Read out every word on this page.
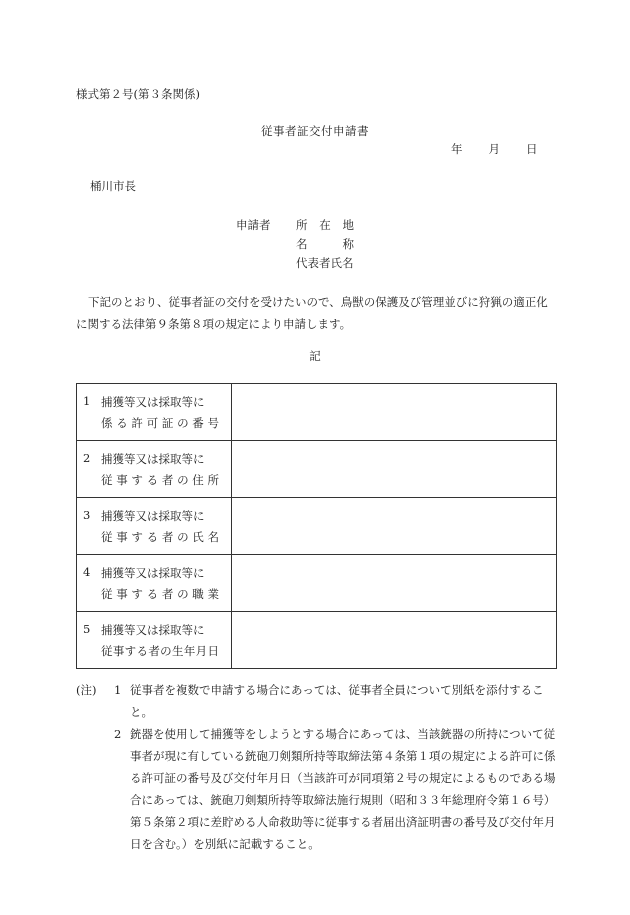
様式第２号(第３条関係)
従事者証交付申請書
年 月 日
桶川市長
申請者 所在地
名称
代表者氏名
下記のとおり、従事者証の交付を受けたいので、鳥獣の保護及び管理並びに狩猟の適正化に関する法律第９条第８項の規定により申請します。
記
1 捕獲等又は採取等に
係る許可証の番号	

2 捕獲等又は採取等に
従事する者の住所	

3 捕獲等又は採取等に
従事する者の氏名	

4 捕獲等又は採取等に
従事する者の職業	

5 捕獲等又は採取等に
従事する者の生年月日	

(注) 1 従事者を複数で申請する場合にあっては、従事者全員について別紙を添付すること。
2 銃器を使用して捕獲等をしようとする場合にあっては、当該銃器の所持について従事者が現に有している銃砲刀剣類所持等取締法第４条第１項の規定による許可に係る許可証の番号及び交付年月日（当該許可が同項第２号の規定によるものである場合にあっては、銃砲刀剣類所持等取締法施行規則（昭和３３年総理府令第１６号）第５条第２項に差貯める人命救助等に従事する者届出済証明書の番号及び交付年月日を含む。）を別紙に記載すること。
